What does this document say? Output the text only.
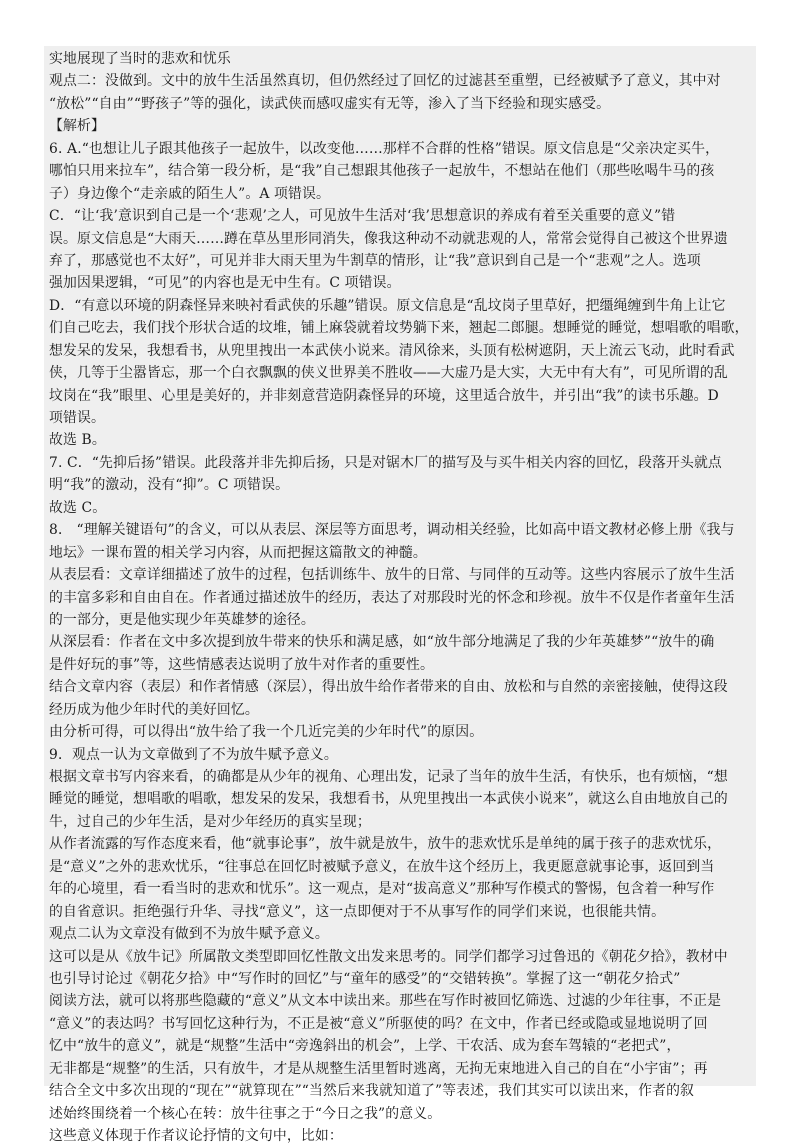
实地展现了当时的悲欢和忧乐
观点二：没做到。文中的放牛生活虽然真切，但仍然经过了回忆的过滤甚至重塑，已经被赋予了意义，其中对
“放松”“自由”“野孩子”等的强化，读武侠而感叹虚实有无等，渗入了当下经验和现实感受。
【解析】
6. A.“也想让儿子跟其他孩子一起放牛，以改变他……那样不合群的性格”错误。原文信息是“父亲决定买牛，
哪怕只用来拉车”，结合第一段分析，是“我”自己想跟其他孩子一起放牛，不想站在他们（那些吆喝牛马的孩
子）身边像个“走亲戚的陌生人”。A 项错误。
C．“让‘我’意识到自己是一个‘悲观’之人，可见放牛生活对‘我’思想意识的养成有着至关重要的意义”错
误。原文信息是“大雨天……蹲在草丛里形同消失，像我这种动不动就悲观的人，常常会觉得自己被这个世界遗
弃了，那感觉也不太好”，可见并非大雨天里为牛割草的情形，让“我”意识到自己是一个“悲观”之人。选项
强加因果逻辑，“可见”的内容也是无中生有。C 项错误。
D．“有意以环境的阴森怪异来映衬看武侠的乐趣”错误。原文信息是“乱坟岗子里草好，把缰绳缠到牛角上让它
们自己吃去，我们找个形状合适的坟堆，铺上麻袋就着坟势躺下来，翘起二郎腿。想睡觉的睡觉，想唱歌的唱歌，
想发呆的发呆，我想看书，从兜里拽出一本武侠小说来。清风徐来，头顶有松树遮阴，天上流云飞动，此时看武
侠，几等于尘嚣皆忘，那一个白衣飘飘的侠义世界美不胜收——大虚乃是大实，大无中有大有”，可见所谓的乱
坟岗在“我”眼里、心里是美好的，并非刻意营造阴森怪异的环境，这里适合放牛，并引出“我”的读书乐趣。D
项错误。
故选 B。
7. C．“先抑后扬”错误。此段落并非先抑后扬，只是对锯木厂的描写及与买牛相关内容的回忆，段落开头就点
明“我”的激动，没有“抑”。C 项错误。
故选 C。
8． “理解关键语句”的含义，可以从表层、深层等方面思考，调动相关经验，比如高中语文教材必修上册《我与
地坛》一课布置的相关学习内容，从而把握这篇散文的神髓。
从表层看：文章详细描述了放牛的过程，包括训练牛、放牛的日常、与同伴的互动等。这些内容展示了放牛生活
的丰富多彩和自由自在。作者通过描述放牛的经历，表达了对那段时光的怀念和珍视。放牛不仅是作者童年生活
的一部分，更是他实现少年英雄梦的途径。
从深层看：作者在文中多次提到放牛带来的快乐和满足感，如“放牛部分地满足了我的少年英雄梦”“放牛的确
是件好玩的事”等，这些情感表达说明了放牛对作者的重要性。
结合文章内容（表层）和作者情感（深层），得出放牛给作者带来的自由、放松和与自然的亲密接触，使得这段
经历成为他少年时代的美好回忆。
由分析可得，可以得出“放牛给了我一个几近完美的少年时代”的原因。
9．观点一认为文章做到了不为放牛赋予意义。
根据文章书写内容来看，的确都是从少年的视角、心理出发，记录了当年的放牛生活，有快乐，也有烦恼，“想
睡觉的睡觉，想唱歌的唱歌，想发呆的发呆，我想看书，从兜里拽出一本武侠小说来”，就这么自由地放自己的
牛，过自己的少年生活，是对少年经历的真实呈现；
从作者流露的写作态度来看，他“就事论事”，放牛就是放牛，放牛的悲欢忧乐是单纯的属于孩子的悲欢忧乐，
是“意义”之外的悲欢忧乐，“往事总在回忆时被赋予意义，在放牛这个经历上，我更愿意就事论事，返回到当
年的心境里，看一看当时的悲欢和忧乐”。这一观点，是对“拔高意义”那种写作模式的警惕，包含着一种写作
的自省意识。拒绝强行升华、寻找“意义”，这一点即便对于不从事写作的同学们来说，也很能共情。
观点二认为文章没有做到不为放牛赋予意义。
这可以是从《放牛记》所属散文类型即回忆性散文出发来思考的。同学们都学习过鲁迅的《朝花夕拾》，教材中
也引导讨论过《朝花夕拾》中“写作时的回忆”与“童年的感受”的“交错转换”。掌握了这一“朝花夕拾式”
阅读方法，就可以将那些隐藏的“意义”从文本中读出来。那些在写作时被回忆筛选、过滤的少年往事，不正是
“意义”的表达吗？书写回忆这种行为，不正是被“意义”所驱使的吗？在文中，作者已经或隐或显地说明了回
忆中“放牛的意义”，就是“规整”生活中“旁逸斜出的机会”，上学、干农活、成为套车驾辕的“老把式”，
无非都是“规整”的生活，只有放牛，才是从规整生活里暂时逃离，无拘无束地进入自己的自在“小宇宙”；再
结合全文中多次出现的“现在”“就算现在”“当然后来我就知道了”等表述，我们其实可以读出来，作者的叙
述始终围绕着一个核心在转：放牛往事之于“今日之我”的意义。
这些意义体现于作者议论抒情的文句中，比如：
